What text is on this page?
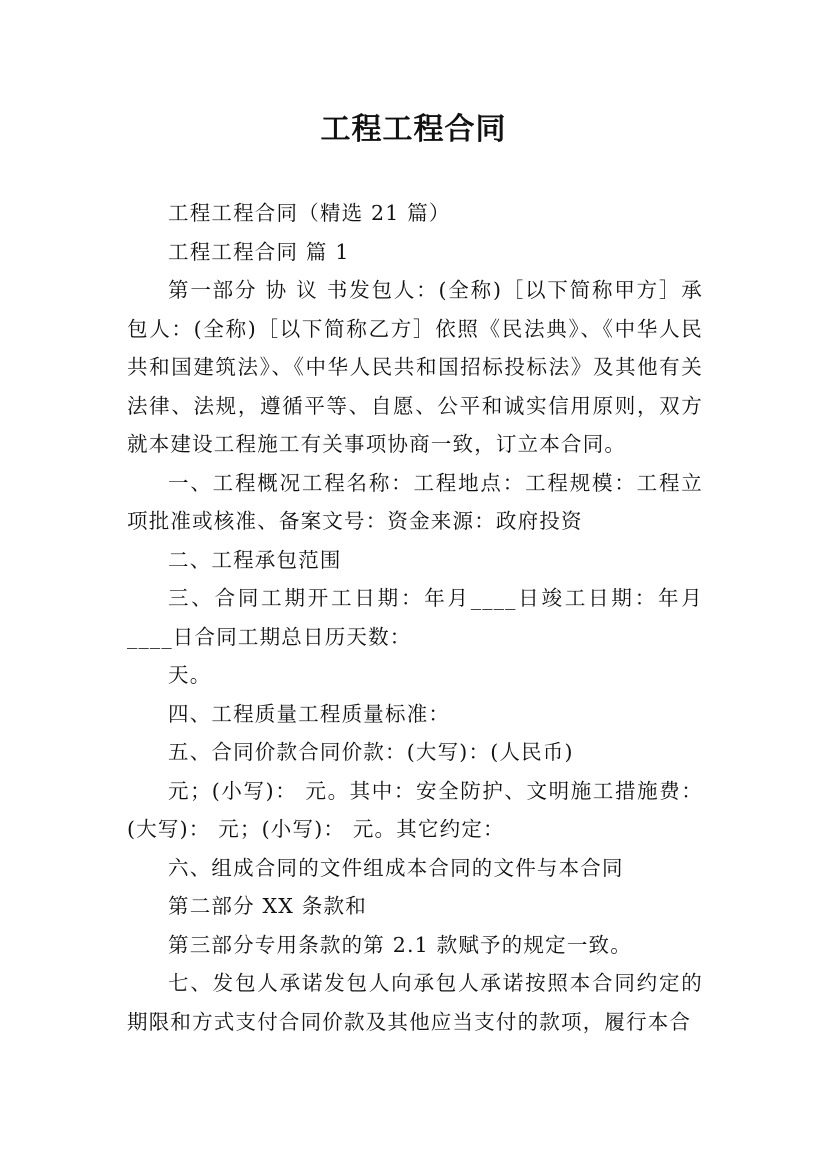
工程工程合同

工程工程合同（精选 21 篇）

工程工程合同 篇 1

第一部分 协 议 书发包人：(全称)［以下简称甲方］承包人：(全称)［以下简称乙方］依照《民法典》、《中华人民共和国建筑法》、《中华人民共和国招标投标法》及其他有关法律、法规，遵循平等、自愿、公平和诚实信用原则，双方就本建设工程施工有关事项协商一致，订立本合同。

一、工程概况工程名称：工程地点：工程规模：工程立项批准或核准、备案文号：资金来源：政府投资

二、工程承包范围

三、合同工期开工日期：年月____日竣工日期：年月____日合同工期总日历天数：

天。

四、工程质量工程质量标准：

五、合同价款合同价款：(大写)：(人民币)

元；(小写)： 元。其中：安全防护、文明施工措施费：(大写)： 元；(小写)： 元。其它约定：

六、组成合同的文件组成本合同的文件与本合同

第二部分 XX 条款和

第三部分专用条款的第 2.1 款赋予的规定一致。

七、发包人承诺发包人向承包人承诺按照本合同约定的期限和方式支付合同价款及其他应当支付的款项，履行本合
